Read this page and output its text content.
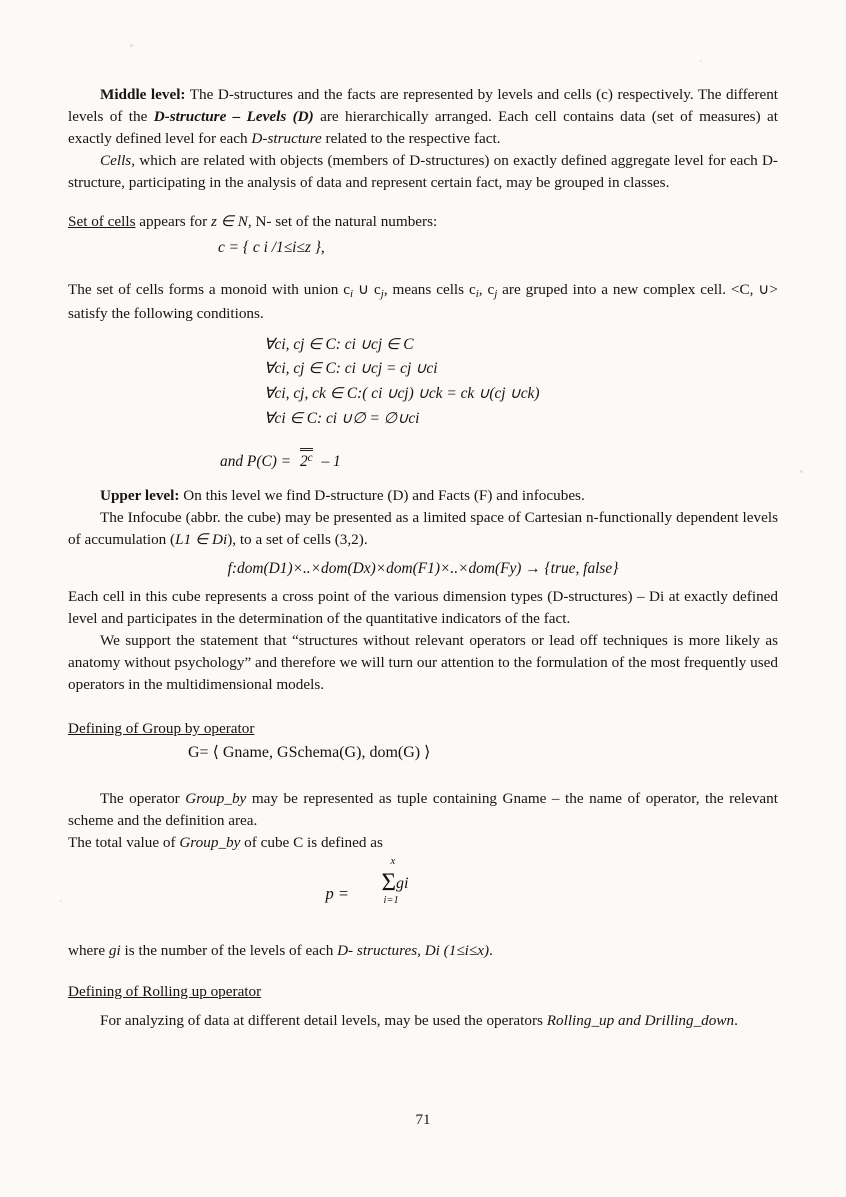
Middle level: The D-structures and the facts are represented by levels and cells (c) respectively. The different levels of the D-structure – Levels (D) are hierarchically arranged. Each cell contains data (set of measures) at exactly defined level for each D-structure related to the respective fact.

Cells, which are related with objects (members of D-structures) on exactly defined aggregate level for each D-structure, participating in the analysis of data and represent certain fact, may be grouped in classes.

Set of cells appears for z ∈ N, N- set of the natural numbers:

c = { c i /1≤i≤z },

The set of cells forms a monoid with union $c_i$ ∪ $c_j$, means cells $c_i$, $c_j$ are gruped into a new complex cell. <C, ∪> satisfy the following conditions.

∀ci, cj ∈ C: ci ∪cj ∈ C
∀ci, cj ∈ C: ci ∪cj = cj ∪ci
∀ci, cj, ck ∈ C:( ci ∪cj) ∪ck = ck ∪(cj ∪ck)
∀ci ∈ C: ci ∪∅ = ∅∪ci
and $P(C) = 2^c - 1$

Upper level: On this level we find D-structure (D) and Facts (F) and infocubes.

The Infocube (abbr. the cube) may be presented as a limited space of Cartesian n-functionally dependent levels of accumulation (L1 ∈ Di), to a set of cells (3,2).

f:dom(D1)×..×dom(Dx)×dom(F1)×..×dom(Fy) → {true, false}

Each cell in this cube represents a cross point of the various dimension types (D-structures) – Di at exactly defined level and participates in the determination of the quantitative indicators of the fact.

We support the statement that “structures without relevant operators or lead off techniques is more likely as anatomy without psychology” and therefore we will turn our attention to the formulation of the most frequently used operators in the multidimensional models.

Defining of Group by operator
G= ⟨ Gname, GSchema(G), dom(G) ⟩

The operator Group_by may be represented as tuple containing Gname – the name of operator, the relevant scheme and the definition area.

The total value of Group_by of cube C is defined as

p = Σgi
x
i=1

where gi is the number of the levels of each D- structures, Di (1≤i≤x).

Defining of Rolling up operator

For analyzing of data at different detail levels, may be used the operators Rolling_up and Drilling_down.

71
